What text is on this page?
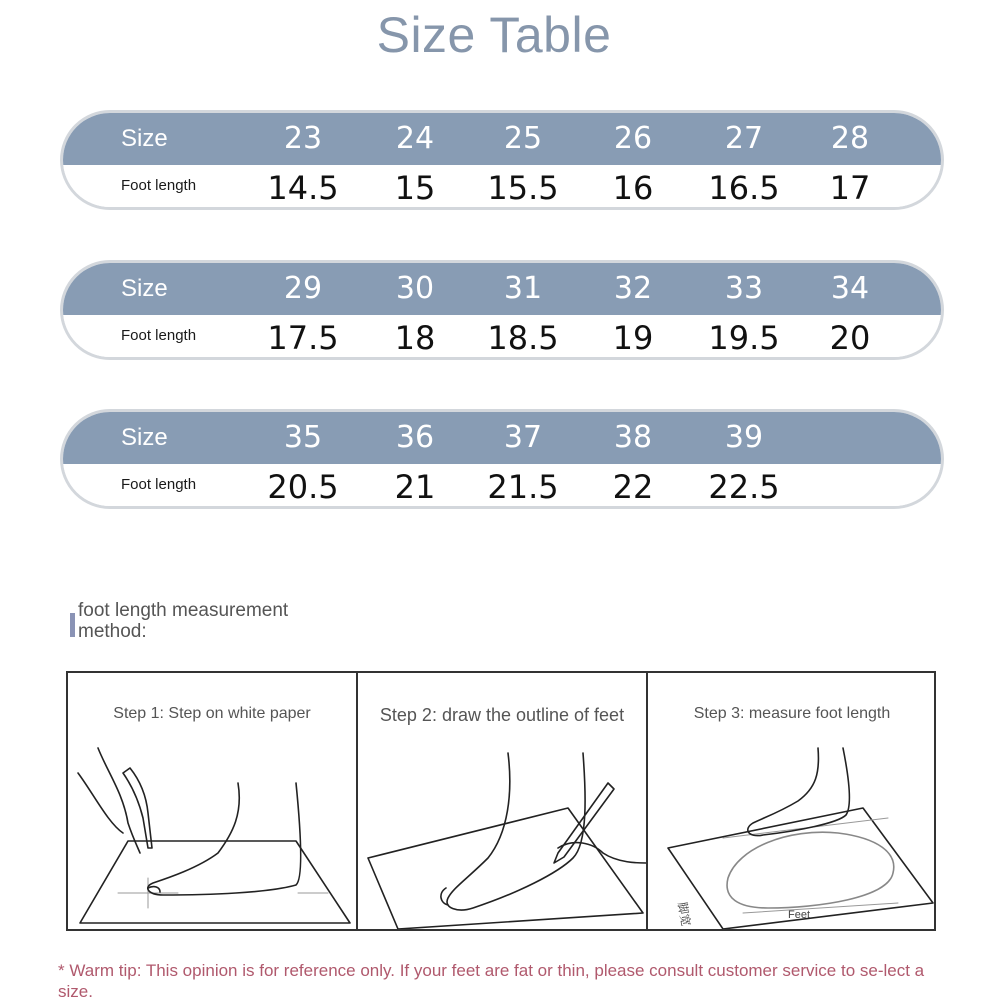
Size Table
Size	23	24	25	26	27	28
Foot length	14.5	15	15.5	16	16.5	17
Size	29	30	31	32	33	34
Foot length	17.5	18	18.5	19	19.5	20
Size	35	36	37	38	39
Foot length	20.5	21	21.5	22	22.5
foot length measurement method:
Step 1: Step on white paper	Step 2: draw the outline of feet	Step 3: measure foot length
脚宽	Feet
* Warm tip: This opinion is for reference only. If your feet are fat or thin, please consult customer service to se-lect a size.
